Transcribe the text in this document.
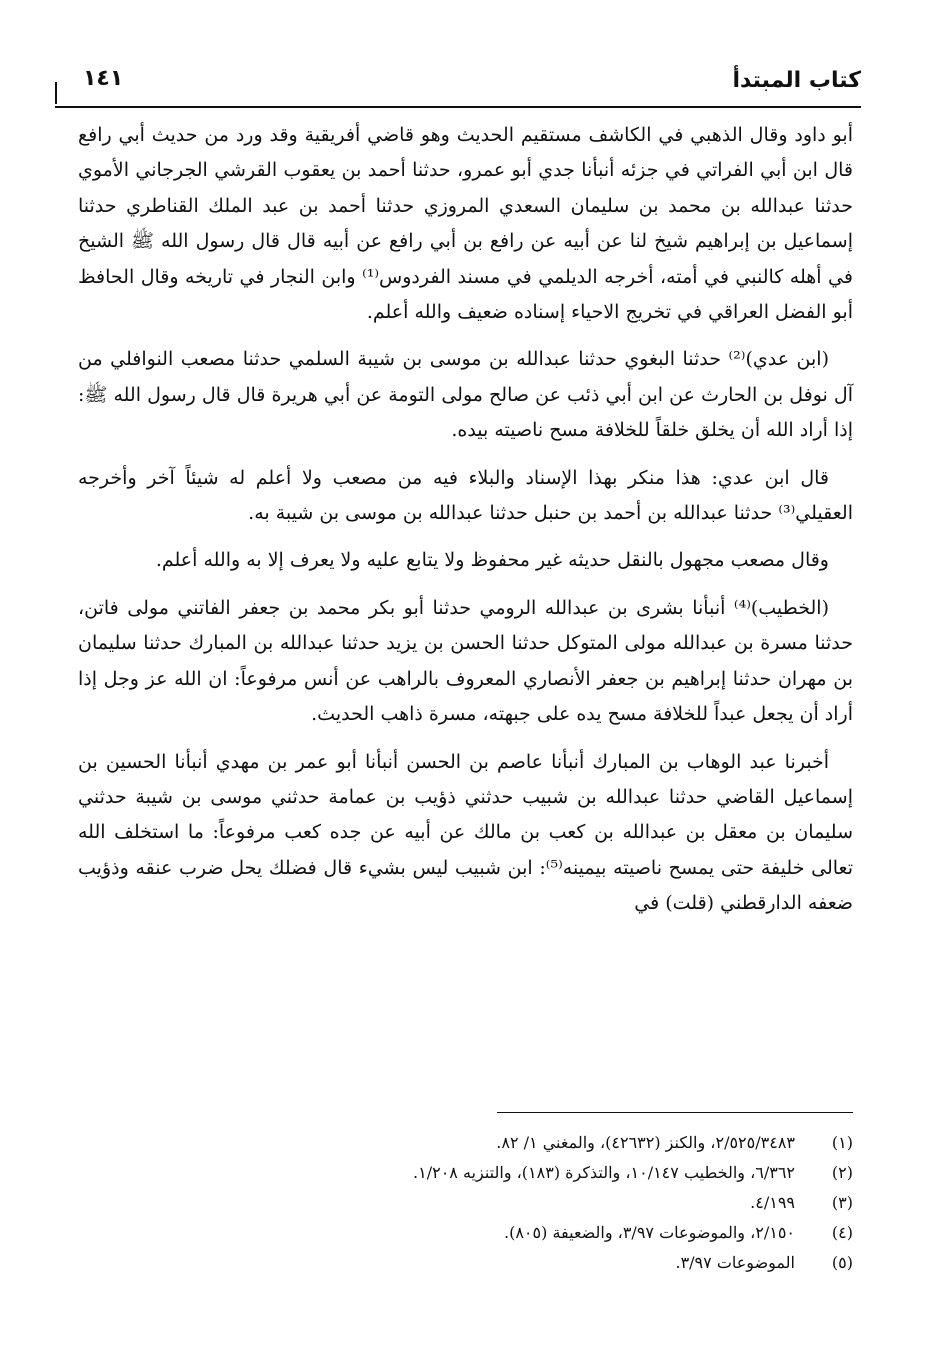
كتاب المبتدأ
١٤١

أبو داود وقال الذهبي في الكاشف مستقيم الحديث وهو قاضي أفريقية وقد ورد من حديث أبي رافع قال ابن أبي الفراتي في جزئه أنبأنا جدي أبو عمرو، حدثنا أحمد بن يعقوب القرشي الجرجاني الأموي حدثنا عبدالله بن محمد بن سليمان السعدي المروزي حدثنا أحمد بن عبد الملك القناطري حدثنا إسماعيل بن إبراهيم شيخ لنا عن أبيه عن رافع بن أبي رافع عن أبيه قال قال رسول الله ﷺ الشيخ في أهله كالنبي في أمته، أخرجه الديلمي في مسند الفردوس⁽¹⁾ وابن النجار في تاريخه وقال الحافظ أبو الفضل العراقي في تخريج الاحياء إسناده ضعيف والله أعلم.

(ابن عدي)⁽²⁾ حدثنا البغوي حدثنا عبدالله بن موسى بن شيبة السلمي حدثنا مصعب النوافلي من آل نوفل بن الحارث عن ابن أبي ذئب عن صالح مولى التومة عن أبي هريرة قال قال رسول الله ﷺ: إذا أراد الله أن يخلق خلقاً للخلافة مسح ناصيته بيده.

قال ابن عدي: هذا منكر بهذا الإسناد والبلاء فيه من مصعب ولا أعلم له شيئاً آخر وأخرجه العقيلي⁽³⁾ حدثنا عبدالله بن أحمد بن حنبل حدثنا عبدالله بن موسى بن شيبة به.

وقال مصعب مجهول بالنقل حديثه غير محفوظ ولا يتابع عليه ولا يعرف إلا به والله أعلم.

(الخطيب)⁽⁴⁾ أنبأنا بشرى بن عبدالله الرومي حدثنا أبو بكر محمد بن جعفر الفاتني مولى فاتن، حدثنا مسرة بن عبدالله مولى المتوكل حدثنا الحسن بن يزيد حدثنا عبدالله بن المبارك حدثنا سليمان بن مهران حدثنا إبراهيم بن جعفر الأنصاري المعروف بالراهب عن أنس مرفوعاً: ان الله عز وجل إذا أراد أن يجعل عبداً للخلافة مسح يده على جبهته، مسرة ذاهب الحديث.

أخبرنا عبد الوهاب بن المبارك أنبأنا عاصم بن الحسن أنبأنا أبو عمر بن مهدي أنبأنا الحسين بن إسماعيل القاضي حدثنا عبدالله بن شبيب حدثني ذؤيب بن عمامة حدثني موسى بن شيبة حدثني سليمان بن معقل بن عبدالله بن كعب بن مالك عن أبيه عن جده كعب مرفوعاً: ما استخلف الله تعالى خليفة حتى يمسح ناصيته بيمينه⁽⁵⁾: ابن شبيب ليس بشيء قال فضلك يحل ضرب عنقه وذؤيب ضعفه الدارقطني (قلت) في

(١)
٢/٥٢٥/٣٤٨٣، والكنز (٤٢٦٣٢)، والمغني ١/ ٨٢.
(٢)
٦/٣٦٢، والخطيب ١٠/١٤٧، والتذكرة (١٨٣)، والتنزيه ١/٢٠٨.
(٣)
٤/١٩٩.
(٤)
٢/١٥٠، والموضوعات ٣/٩٧، والضعيفة (٨٠٥).
(٥)
الموضوعات ٣/٩٧.
